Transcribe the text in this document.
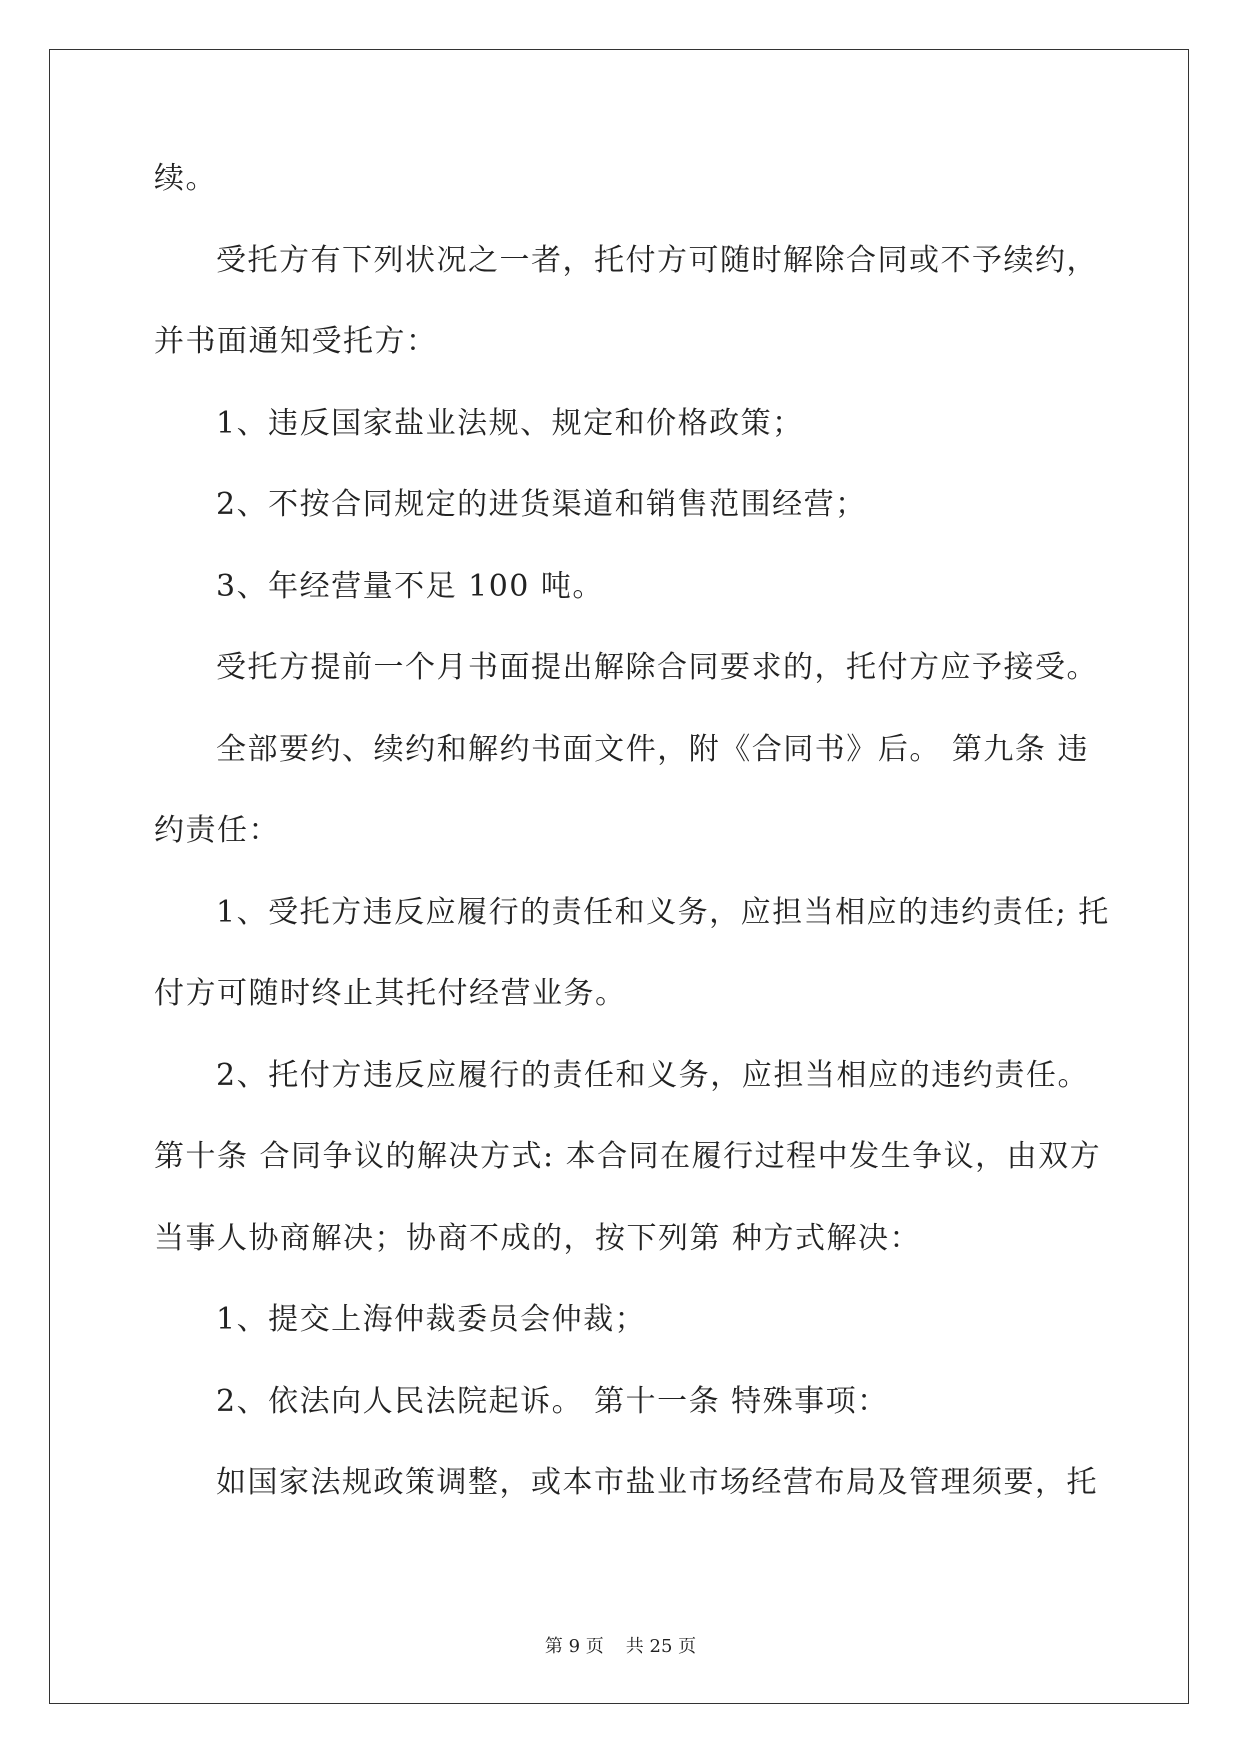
续。
受托方有下列状况之一者，托付方可随时解除合同或不予续约，
并书面通知受托方：
1、违反国家盐业法规、规定和价格政策；
2、不按合同规定的进货渠道和销售范围经营；
3、年经营量不足 100 吨。
受托方提前一个月书面提出解除合同要求的，托付方应予接受。
全部要约、续约和解约书面文件，附《合同书》后。 第九条 违
约责任：
1、受托方违反应履行的责任和义务，应担当相应的违约责任; 托
付方可随时终止其托付经营业务。
2、托付方违反应履行的责任和义务，应担当相应的违约责任。
第十条 合同争议的解决方式: 本合同在履行过程中发生争议，由双方
当事人协商解决；协商不成的，按下列第 种方式解决：
1、提交上海仲裁委员会仲裁；
2、依法向人民法院起诉。 第十一条 特殊事项：
如国家法规政策调整，或本市盐业市场经营布局及管理须要，托
第 9 页 共 25 页
